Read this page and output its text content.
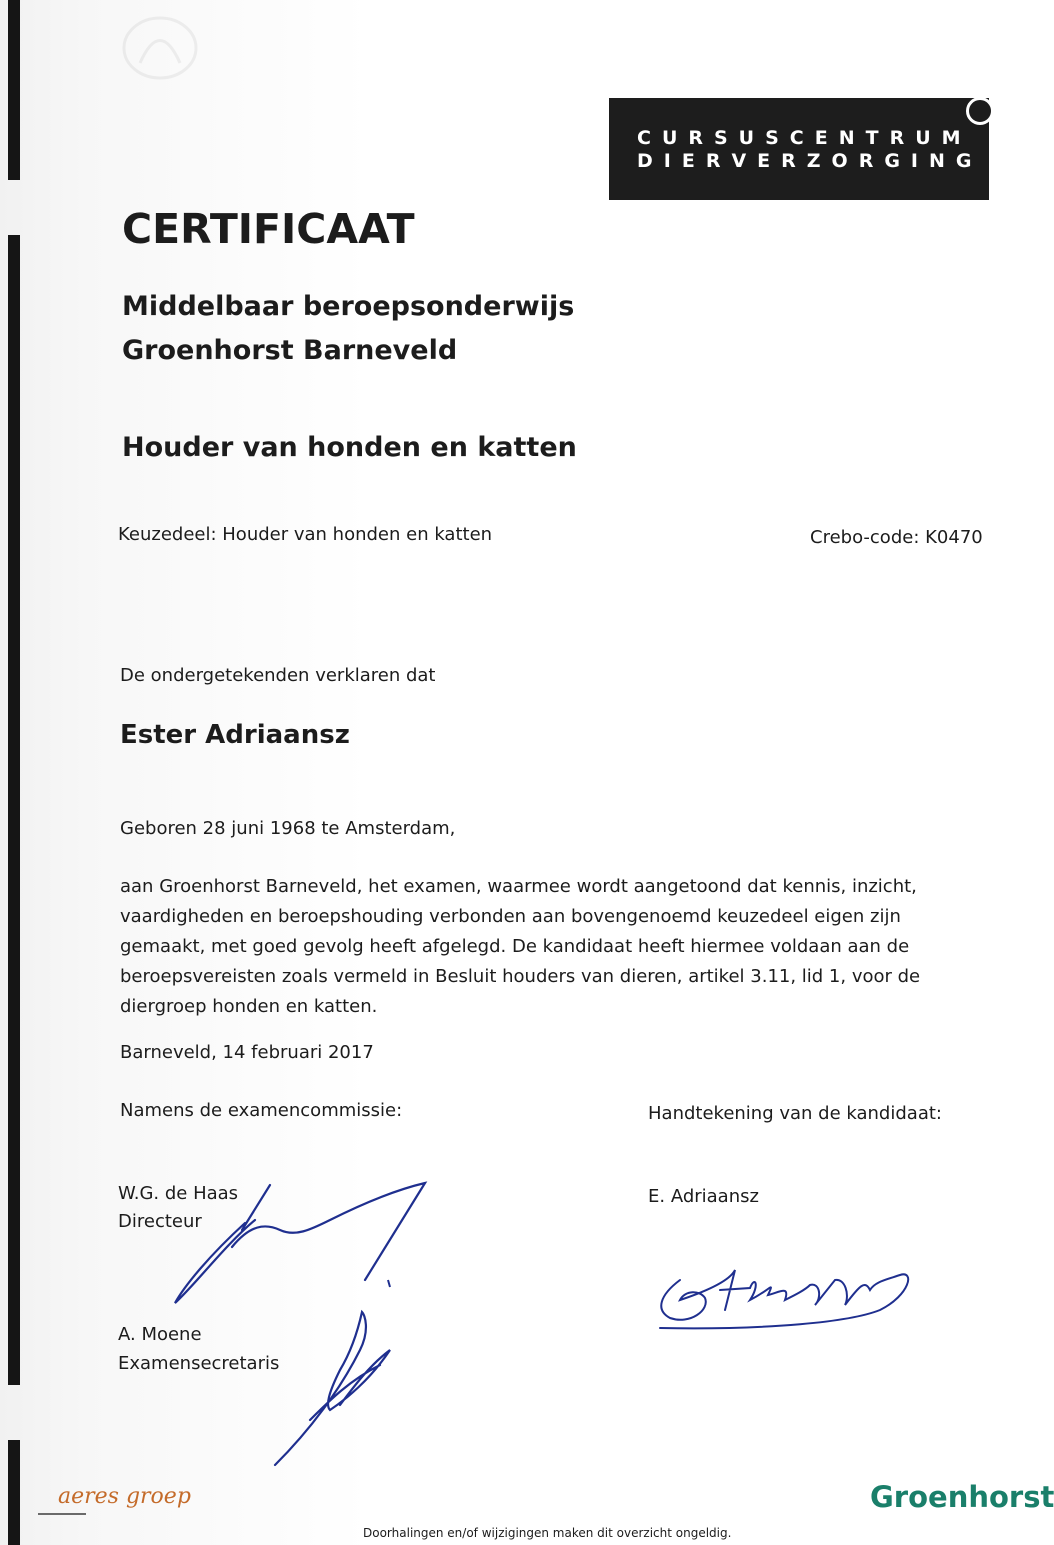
CURSUSCENTRUM
DIERVERZORGING
CERTIFICAAT
Middelbaar beroepsonderwijs
Groenhorst Barneveld
Houder van honden en katten
Keuzedeel: Houder van honden en katten	Crebo-code: K0470
De ondergetekenden verklaren dat
Ester Adriaansz
Geboren 28 juni 1968 te Amsterdam,
aan Groenhorst Barneveld, het examen, waarmee wordt aangetoond dat kennis, inzicht,
vaardigheden en beroepshouding verbonden aan bovengenoemd keuzedeel eigen zijn
gemaakt, met goed gevolg heeft afgelegd. De kandidaat heeft hiermee voldaan aan de
beroepsvereisten zoals vermeld in Besluit houders van dieren, artikel 3.11, lid 1, voor de
diergroep honden en katten.
Barneveld, 14 februari 2017
Namens de examencommissie:	Handtekening van de kandidaat:
W.G. de Haas
Directeur
E. Adriaansz
A. Moene
Examensecretaris
aeres groep
Doorhalingen en/of wijzigingen maken dit overzicht ongeldig.
Groenhorst
